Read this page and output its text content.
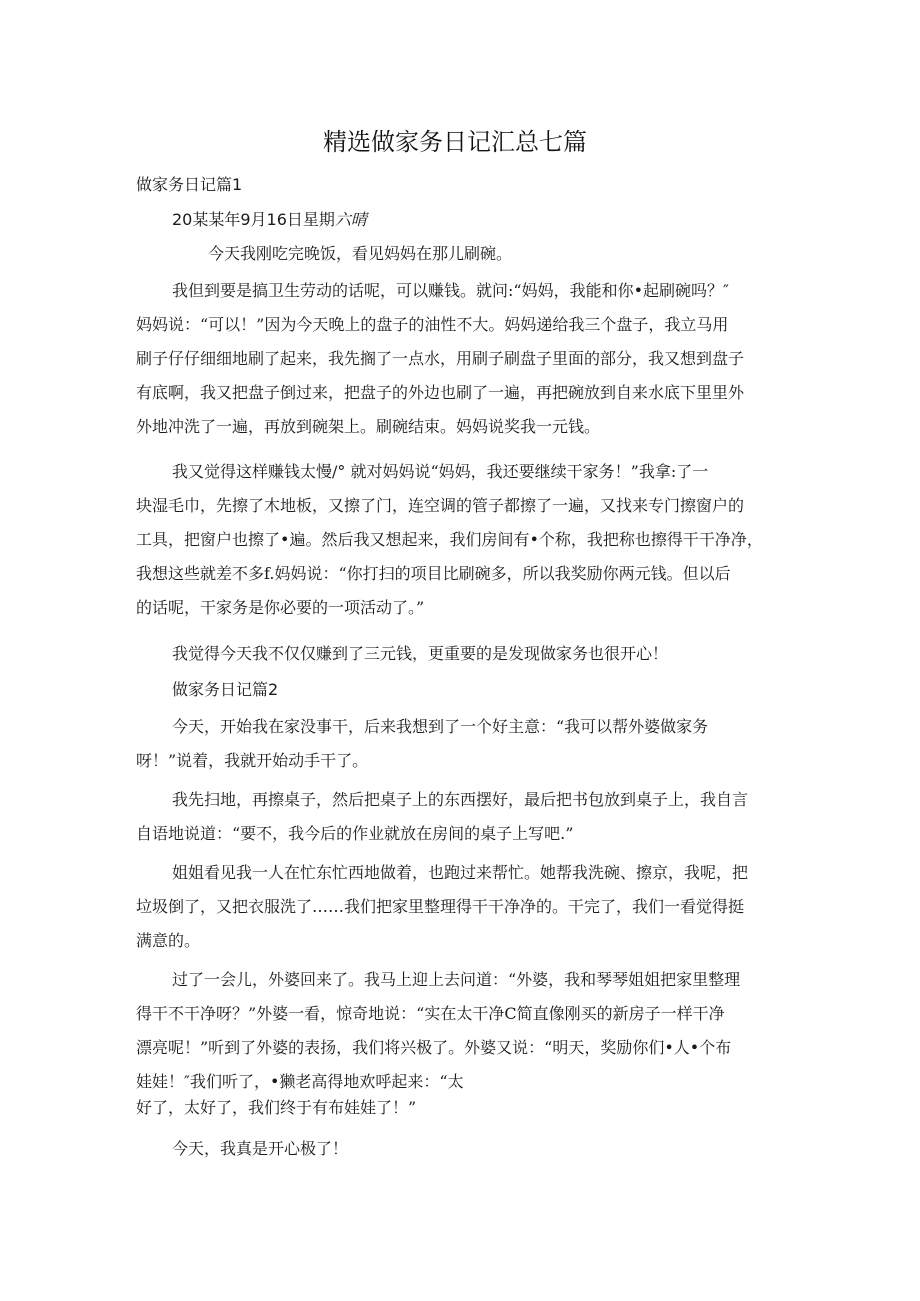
精选做家务日记汇总七篇
做家务日记篇1
20某某年9月16日星期六晴
今天我刚吃完晚饭，看见妈妈在那儿刷碗。
我但到要是搞卫生劳动的话呢，可以赚钱。就问:“妈妈，我能和你•起刷碗吗？″
妈妈说：“可以！”因为今天晚上的盘子的油性不大。妈妈递给我三个盘子，我立马用
刷子仔仔细细地刷了起来，我先搁了一点水，用刷子刷盘子里面的部分，我又想到盘子
有底啊，我又把盘子倒过来，把盘子的外边也刷了一遍，再把碗放到自来水底下里里外
外地冲洗了一遍，再放到碗架上。刷碗结束。妈妈说奖我一元钱。
我又觉得这样赚钱太慢/° 就对妈妈说“妈妈，我还要继续干家务！”我拿:了一
块湿毛巾，先擦了木地板，又擦了门，连空调的管子都擦了一遍，又找来专门擦窗户的
工具，把窗户也擦了•遍。然后我又想起来，我们房间有•个称，我把称也擦得干干净净，
我想这些就差不多f.妈妈说：“你打扫的项目比刷碗多，所以我奖励你两元钱。但以后
的话呢，干家务是你必要的一项活动了。”
我觉得今天我不仅仅赚到了三元钱，更重要的是发现做家务也很开心！
做家务日记篇2
今天，开始我在家没事干，后来我想到了一个好主意：“我可以帮外婆做家务
呀！”说着，我就开始动手干了。
我先扫地，再擦桌子，然后把桌子上的东西摆好，最后把书包放到桌子上，我自言
自语地说道：“要不，我今后的作业就放在房间的桌子上写吧.”
姐姐看见我一人在忙东忙西地做着，也跑过来帮忙。她帮我洗碗、擦京，我呢，把
垃圾倒了，又把衣服洗了……我们把家里整理得干干净净的。干完了，我们一看觉得挺
满意的。
过了一会儿，外婆回来了。我马上迎上去问道：“外婆，我和琴琴姐姐把家里整理
得干不干净呀？”外婆一看，惊奇地说：“实在太干净C简直像刚买的新房子一样干净
漂亮呢！”听到了外婆的表扬，我们将兴极了。外婆又说：“明天，奖励你们•人•个布
娃娃！″我们听了，•獭老高得地欢呼起来：“太
好了，太好了，我们终于有布娃娃了！”
今天，我真是开心极了！
